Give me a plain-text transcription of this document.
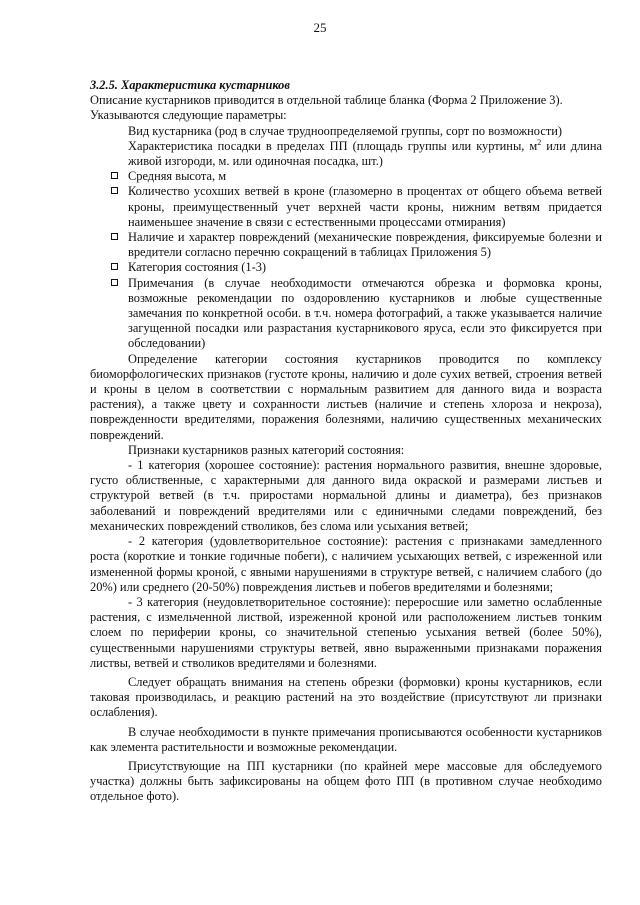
25

3.2.5. Характеристика кустарников

Описание кустарников приводится в отдельной таблице бланка (Форма 2 Приложение 3).

Указываются следующие параметры:

Вид кустарника (род в случае трудноопределяемой группы, сорт по возможности)

Характеристика посадки в пределах ПП (площадь группы или куртины, $м^2$ или длина живой изгороди, м. или одиночная посадка, шт.)

Средняя высота, м
Количество усохших ветвей в кроне (глазомерно в процентах от общего объема ветвей кроны, преимущественный учет верхней части кроны, нижним ветвям придается наименьшее значение в связи с естественными процессами отмирания)
Наличие и характер повреждений (механические повреждения, фиксируемые болезни и вредители согласно перечню сокращений в таблицах Приложения 5)
Категория состояния (1-3)
Примечания (в случае необходимости отмечаются обрезка и формовка кроны, возможные рекомендации по оздоровлению кустарников и любые существенные замечания по конкретной особи. в т.ч. номера фотографий, а также указывается наличие загущенной посадки или разрастания кустарникового яруса, если это фиксируется при обследовании)

Определение категории состояния кустарников проводится по комплексу биоморфологических признаков (густоте кроны, наличию и доле сухих ветвей, строения ветвей и кроны в целом в соответствии с нормальным развитием для данного вида и возраста растения), а также цвету и сохранности листьев (наличие и степень хлороза и некроза), поврежденности вредителями, поражения болезнями, наличию существенных механических повреждений.

Признаки кустарников разных категорий состояния:

- 1 категория (хорошее состояние): растения нормального развития, внешне здоровые, густо облиственные, с характерными для данного вида окраской и размерами листьев и структурой ветвей (в т.ч. приростами нормальной длины и диаметра), без признаков заболеваний и повреждений вредителями или с единичными следами повреждений, без механических повреждений стволиков, без слома или усыхания ветвей;

- 2 категория (удовлетворительное состояние): растения с признаками замедленного роста (короткие и тонкие годичные побеги), с наличием усыхающих ветвей, с изреженной или измененной формы кроной, с явными нарушениями в структуре ветвей, с наличием слабого (до 20%) или среднего (20-50%) повреждения листьев и побегов вредителями и болезнями;

- 3 категория (неудовлетворительное состояние): переросшие или заметно ослабленные растения, с измельченной листвой, изреженной кроной или расположением листьев тонким слоем по периферии кроны, со значительной степенью усыхания ветвей (более 50%), существенными нарушениями структуры ветвей, явно выраженными признаками поражения листвы, ветвей и стволиков вредителями и болезнями.

Следует обращать внимания на степень обрезки (формовки) кроны кустарников, если таковая производилась, и реакцию растений на это воздействие (присутствуют ли признаки ослабления).

В случае необходимости в пункте примечания прописываются особенности кустарников как элемента растительности и возможные рекомендации.

Присутствующие на ПП кустарники (по крайней мере массовые для обследуемого участка) должны быть зафиксированы на общем фото ПП (в противном случае необходимо отдельное фото).
